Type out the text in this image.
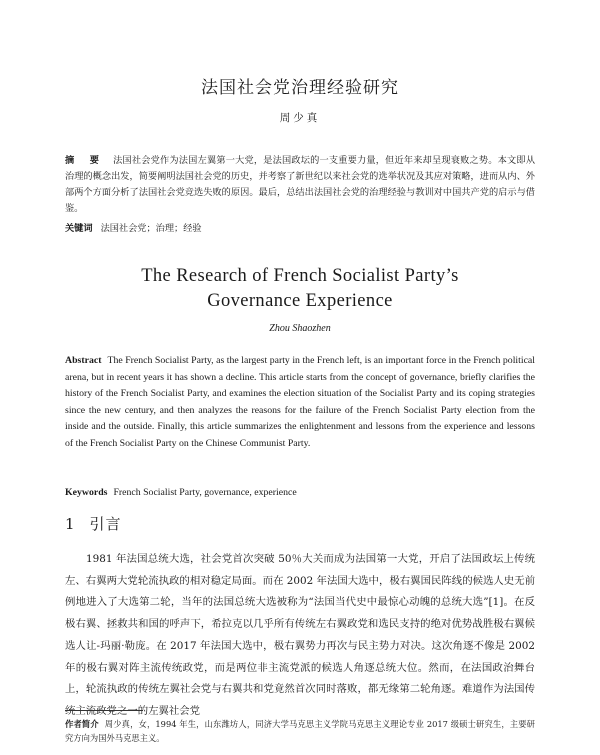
法国社会党治理经验研究
周少真
摘 要 法国社会党作为法国左翼第一大党，是法国政坛的一支重要力量，但近年来却呈现衰败之势。本文即从治理的概念出发，简要阐明法国社会党的历史，并考察了新世纪以来社会党的选举状况及其应对策略，进而从内、外部两个方面分析了法国社会党竞选失败的原因。最后，总结出法国社会党的治理经验与教训对中国共产党的启示与借鉴。
关键词 法国社会党；治理；经验
The Research of French Socialist Party’s
Governance Experience
Zhou Shaozhen
Abstract The French Socialist Party, as the largest party in the French left, is an important force in the French political arena, but in recent years it has shown a decline. This article starts from the concept of governance, briefly clarifies the history of the French Socialist Party, and examines the election situation of the Socialist Party and its coping strategies since the new century, and then analyzes the reasons for the failure of the French Socialist Party election from the inside and the outside. Finally, this article summarizes the enlightenment and lessons from the experience and lessons of the French Socialist Party on the Chinese Communist Party.
Keywords French Socialist Party, governance, experience
1 引言
1981 年法国总统大选，社会党首次突破 50％大关而成为法国第一大党，开启了法国政坛上传统左、右翼两大党轮流执政的相对稳定局面。而在 2002 年法国大选中，极右翼国民阵线的候选人史无前例地进入了大选第二轮，当年的法国总统大选被称为“法国当代史中最惊心动魄的总统大选”[1]。在反极右翼、拯救共和国的呼声下，希拉克以几乎所有传统左右翼政党和选民支持的绝对优势战胜极右翼候选人让-玛丽·勒庞。在 2017 年法国大选中，极右翼势力再次与民主势力对决。这次角逐不像是 2002 年的极右翼对阵主流传统政党，而是两位非主流党派的候选人角逐总统大位。然而，在法国政治舞台上，轮流执政的传统左翼社会党与右翼共和党竟然首次同时落败，都无缘第二轮角逐。难道作为法国传统主流政党之一的左翼社会党
作者简介 周少真，女，1994 年生，山东潍坊人，同济大学马克思主义学院马克思主义理论专业 2017 级硕士研究生，主要研究方向为国外马克思主义。
